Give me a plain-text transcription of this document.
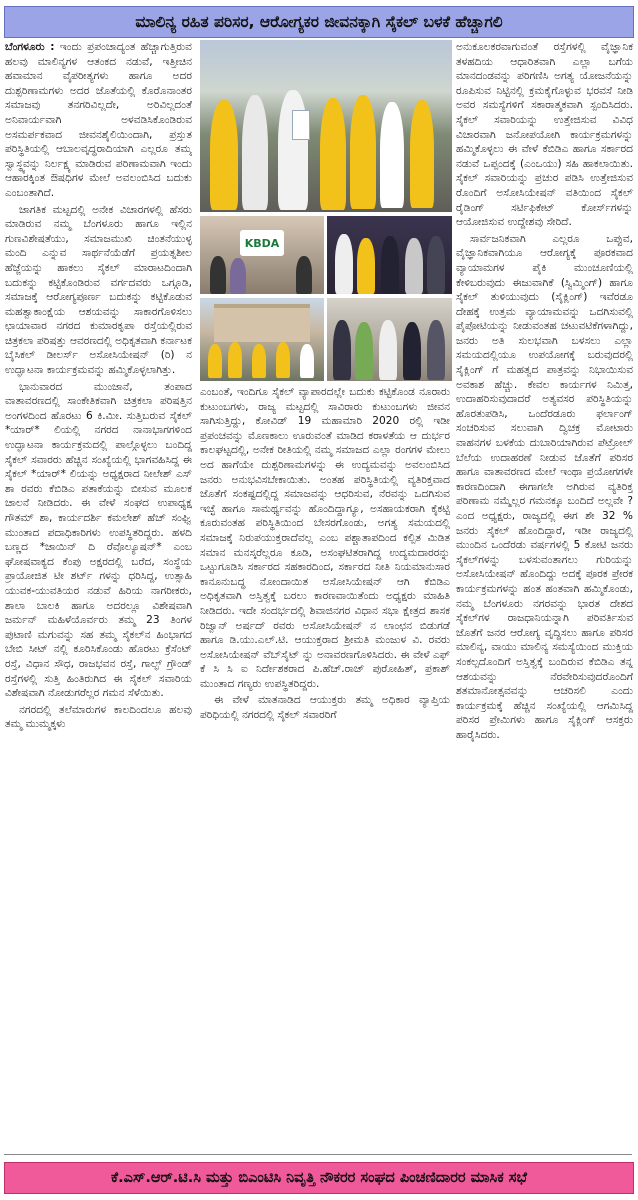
ಮಾಲಿನ್ಯ ರಹಿತ ಪರಿಸರ, ಆರೋಗ್ಯಕರ ಜೀವನಕ್ಕಾಗಿ ಸೈಕಲ್ ಬಳಕೆ ಹೆಚ್ಚಾಗಲಿ

ಬೆಂಗಳೂರು : ಇಂದು ಪ್ರಪಂಚಾದ್ಯಂತ ಹೆಚ್ಚಾಗುತ್ತಿರುವ ಹಲವು ಮಾಲಿನ್ಯಗಳ ಆತಂಕದ ನಡುವೆ, ಇತ್ತೀಚಿನ ಹವಾಮಾನ ವೈಪರೀತ್ಯಗಳು ಹಾಗೂ ಅದರ ದುಶ್ಪರಿಣಾಮಗಳು ಅದರ ಜೊತೆಯಲ್ಲಿ ಕೊರೊನಾಂತರ ಸಮಾಜವು ತನಗರಿವಿಲ್ಲದೇ, ಅರಿವಿಲ್ಲದಂತೆ ಅನಿವಾರ್ಯವಾಗಿ ಅಳವಡಿಸಿಕೊಂಡಿರುವ ಅಸಮರ್ಪಕವಾದ ಜೀವನಶೈಲಿಯಿಂದಾಗಿ, ಪ್ರಸ್ತುತ ಪರಿಸ್ಥಿತಿಯಲ್ಲಿ ಆಬಾಲವೃದ್ಧರಾದಿಯಾಗಿ ಎಲ್ಲರೂ ತಮ್ಮ ಸ್ವಾಸ್ಥ್ಯವನ್ನು ನಿರ್ಲಕ್ಷ್ಯ ಮಾಡಿರುವ ಪರಿಣಾಮವಾಗಿ ಇಂದು ಆಹಾರಕ್ಕಿಂತ ಔಷಧಿಗಳ ಮೇಲೆ ಅವಲಂಬಿಸಿದ ಬದುಕು ಎಂಬಂತಾಗಿದೆ.

ಜಾಗತಿಕ ಮಟ್ಟದಲ್ಲಿ ಅನೇಕ ವಿಚಾರಗಳಲ್ಲಿ ಹೆಸರು ಮಾಡಿರುವ ನಮ್ಮ ಬೆಂಗಳೂರು ಹಾಗೂ ಇಲ್ಲಿನ ಗುಣವಿಶೇಷತೆಯು, ಸಮಾಜಮುಖಿ ಚಿಂತನೆಯುಳ್ಳ ಮಂದಿ ಎನ್ನುವ ಸಾರ್ಥನೆಯೆಡೆಗೆ ಪ್ರಯತ್ನಶೀಲ ಹೆಜ್ಜೆಯನ್ನು ಹಾಕಲು ಸೈಕಲ್ ಮಾರಾಟದಿಂದಾಗಿ ಬದುಕನ್ನು ಕಟ್ಟಿಕೊಂಡಿರುವ ವರ್ಗದವರು ಒಗ್ಗೂಡಿ, ಸಮಾಜಕ್ಕೆ ಆರೋಗ್ಯಪೂರ್ಣ ಬದುಕನ್ನು ಕಟ್ಟಿಕೊಡುವ ಮಹತ್ವಾಕಾಂಕ್ಷೆಯ ಆಶಯವನ್ನು ಸಾಕಾರಗೊಳಿಸಲು ಛಾಯಾವಾರ ನಗರದ ಕುಮಾರಕೃಪಾ ರಸ್ತೆಯಲ್ಲಿರುವ ಚಿತ್ರಕಲಾ ಪರಿಷತ್ತು ಆವರಣದಲ್ಲಿ ಅಧಿಕೃತವಾಗಿ ಕರ್ನಾಟಕ ಬೈಸಿಕಲ್ ಡೀಲರ್ಸ್ ಅಸೋಸಿಯೇಷನ್ (ರಿ) ನ ಉದ್ಘಾಟನಾ ಕಾರ್ಯಕ್ರಮವನ್ನು ಹಮ್ಮಿಕೊಳ್ಳಲಾಗಿತ್ತು.

ಭಾನುವಾರದ ಮುಂಜಾನೆ, ತಂಪಾದ ವಾತಾವರಣದಲ್ಲಿ ಸಾಂಕೇತಿಕವಾಗಿ ಚಿತ್ರಕಲಾ ಪರಿಷತ್ತಿನ ಅಂಗಳದಿಂದ ಹೊರಟು 6 ಕಿ.ಮೀ. ಸುತ್ತಿಬರುವ ಸೈಕಲ್ *ಯಾರ್* ಲಿಯಲ್ಲಿ ನಗರದ ನಾನಾಭಾಗಗಳಿಂದ ಉದ್ಘಾಟನಾ ಕಾರ್ಯಕ್ರಮದಲ್ಲಿ ಪಾಲ್ಗೊಳ್ಳಲು ಬಂದಿದ್ದ ಸೈಕಲ್ ಸವಾರರು ಹೆಚ್ಚಿನ ಸಂಖ್ಯೆಯಲ್ಲಿ ಭಾಗವಹಿಸಿದ್ದ ಈ ಸೈಕಲ್ *ಯಾರ್* ಲಿಯನ್ನು ಅಧ್ಯಕ್ಷರಾದ ನೀಲೇಶ್ ಎಸ್ ಶಾ ರವರು ಕೆಬಿಡಿಎ ಪತಾಕೆಯನ್ನು ಬೀಸುವ ಮೂಲಕ ಚಾಲನೆ ನೀಡಿದರು. ಈ ವೇಳೆ ಸಂಘದ ಉಪಾಧ್ಯಕ್ಷ ಗೌತಮ್ ಶಾ, ಕಾರ್ಯದರ್ಶಿ ಕಮಲೇಶ್ ಹೆಚ್ ಸಂಘ್ವಿ ಮುಂತಾದ ಪದಾಧಿಕಾರಿಗಳು ಉಪಸ್ಥಿತರಿದ್ದರು. ಹಳದಿ ಬಣ್ಣದ *ಜಾಯಿನ್ ದಿ ರೆವೊಲ್ಯೂಷನ್* ಎಂಬ ಘೋಷವಾಕ್ಯದ ಕೆಂಪು ಅಕ್ಷರದಲ್ಲಿ ಬರೆದ, ಸಂಸ್ಥೆಯ ಪ್ರಾಯೋಜಿತ ಟೀ ಶರ್ಟ್ ಗಳನ್ನು ಧರಿಸಿದ್ದ, ಉತ್ಸಾಹಿ ಯುವಕ-ಯುವತಿಯರ ನಡುವೆ ಹಿರಿಯ ನಾಗರೀಕರು, ಶಾಲಾ ಬಾಲಕಿ ಹಾಗೂ ಅದರಲ್ಲೂ ವಿಶೇಷವಾಗಿ ಜರ್ಮನ್ ಮಹಿಳೆಯೊರ್ವರು ತಮ್ಮ 23 ತಿಂಗಳ ಪುಟಾಣಿ ಮಗುವನ್ನು ಸಹ ತಮ್ಮ ಸೈಕಲ್‌ನ ಹಿಂಭಾಗದ ಬೇಬಿ ಸೀಟ್ ನಲ್ಲಿ ಕೂರಿಸಿಕೊಂಡು ಹೊರಟು ಕ್ರೆಸೆಂಟ್ ರಸ್ತೆ, ವಿಧಾನ ಸೌಧ, ರಾಜಭವನ ರಸ್ತೆ, ಗಾಲ್ಫ್ ಗ್ರೌಂಡ್ ರಸ್ತೆಗಳಲ್ಲಿ ಸುತ್ತಿ ಹಿಂತಿರುಗಿದ ಈ ಸೈಕಲ್ ಸವಾರಿಯ ವಿಶೇಷವಾಗಿ ನೋಡುಗರೆಲ್ಲರ ಗಮನ ಸೆಳೆಯಿತು.

ನಗರದಲ್ಲಿ ತಲೆಮಾರುಗಳ ಕಾಲದಿಂದಲೂ ಹಲವು ತಮ್ಮ ಮುಮ್ಮಕ್ಕಳು

KBDA

ಎಂಬಂತೆ, ಇಂದಿಗೂ ಸೈಕಲ್ ವ್ಯಾಪಾರದಲ್ಲೇ ಬದುಕು ಕಟ್ಟಿಕೊಂಡ ನೂರಾರು ಕುಟುಂಬಗಳು, ರಾಜ್ಯ ಮಟ್ಟದಲ್ಲಿ ಸಾವಿರಾರು ಕುಟುಂಬಗಳು ಜೀವನ ಸಾಗಿಸುತ್ತಿದ್ದು, ಕೋವಿಡ್ 19 ಮಹಾಮಾರಿ 2020 ರಲ್ಲಿ ಇಡೀ ಪ್ರಪಂಚವನ್ನು ಮೊಣಕಾಲು ಊರುವಂತೆ ಮಾಡಿದ ಕರಾಳತೆಯ ಆ ದುರ್ಭರ ಕಾಲಘಟ್ಟದಲ್ಲಿ, ಅನೇಕ ರೀತಿಯಲ್ಲಿ ನಮ್ಮ ಸಮಾಜದ ಎಲ್ಲಾ ರಂಗಗಳ ಮೇಲು ಅದ ಹಾಗೆಯೇ ದುಶ್ಪರಿಣಾಮಗಳನ್ನು ಈ ಉದ್ಯಮವನ್ನು ಅವಲಂಬಿಸಿದ ಜನರು ಅನುಭವಿಸಬೇಕಾಯಿತು. ಅಂತಹ ಪರಿಸ್ಥಿತಿಯಲ್ಲಿ ವ್ಯತಿರಿಕ್ತವಾದ ಜೊತೆಗೆ ಸಂಕಷ್ಟದಲ್ಲಿದ್ದ ಸಮಾಜವನ್ನು ಆಧರಿಸುವ, ನೆರವನ್ನು ಒದಗಿಸುವ ಇಚ್ಛೆ ಹಾಗೂ ಸಾಮರ್ಥ್ಯವನ್ನು ಹೊಂದಿದ್ದಾಗ್ಯೂ, ಅಸಹಾಯಕರಾಗಿ ಕೈಕಟ್ಟಿ ಕೂರುವಂತಹ ಪರಿಸ್ಥಿತಿಯಿಂದ ಬೇಸರಗೊಂಡು, ಅಗತ್ಯ ಸಮಯದಲ್ಲಿ ಸಮಾಜಕ್ಕೆ ನಿರುಪಯುಕ್ತರಾದೆವಲ್ಲ ಎಂಬ ಪಶ್ಚಾತಾಪದಿಂದ ಕಲ್ಪಿತ ಮಿಡಿತ ಸಮಾನ ಮನಸ್ಕರೆಲ್ಲರೂ ಕೂಡಿ, ಅಸಂಘಟಿತರಾಗಿದ್ದ ಉದ್ಯಮದಾರರನ್ನು ಒಟ್ಟುಗೂಡಿಸಿ ಸರ್ಕಾರದ ಸಹಕಾರದಿಂದ, ಸರ್ಕಾರದ ನೀತಿ ನಿಯಮಾನುಸಾರ ಕಾನೂನುಬದ್ಧ ನೋಂದಾಯಿತ ಅಸೋಸಿಯೇಷನ್ ಆಗಿ ಕೆಬಿಡಿಎ ಅಧಿಕೃತವಾಗಿ ಅಸ್ತಿತ್ವಕ್ಕೆ ಬರಲು ಕಾರಣವಾಯಿತೆಂದು ಅಧ್ಯಕ್ಷರು ಮಾಹಿತಿ ನೀಡಿದರು. ಇದೇ ಸಂದರ್ಭದಲ್ಲಿ ಶಿವಾಜಿನಗರ ವಿಧಾನ ಸಭಾ ಕ್ಷೇತ್ರದ ಶಾಸಕ ರಿಜ್ವಾನ್ ಅರ್ಷದ್ ರವರು ಅಸೋಸಿಯೇಷನ್ ನ ಲಾಂಛನ ಬಿಡುಗಡೆ ಹಾಗೂ ಡಿ.ಯು.ಎಲ್.ಟಿ. ಆಯುಕ್ತರಾದ ಶ್ರೀಮತಿ ಮಂಜುಳ ವಿ. ರವರು ಅಸೋಸಿಯೇಷನ್ ವೆಬ್‌ಸೈಟ್ ನ್ನು ಅನಾವರಣಗೊಳಿಸಿದರು. ಈ ವೇಳೆ ಎಫ್ ಕೆ ಸಿ ಸಿ ಐ ನಿರ್ದೇಶಕರಾದ ಪಿ.ಹೆಚ್.ರಾಜ್ ಪುರೋಹಿತ್, ಪ್ರಕಾಶ್ ಮುಂತಾದ ಗಣ್ಯರು ಉಪಸ್ಥಿತರಿದ್ದರು.

ಈ ವೇಳೆ ಮಾತನಾಡಿದ ಆಯುಕ್ತರು ತಮ್ಮ ಅಧಿಕಾರ ವ್ಯಾಪ್ತಿಯ ಪರಿಧಿಯಲ್ಲಿ ನಗರದಲ್ಲಿ ಸೈಕಲ್ ಸವಾರರಿಗೆ

ಅನುಕೂಲಕರವಾಗುವಂತೆ ರಸ್ತೆಗಳಲ್ಲಿ ವೈಜ್ಞಾನಿಕ ತಳಹದಿಯ ಆಧಾರಿತವಾಗಿ ಎಲ್ಲಾ ಬಗೆಯ ಮಾನದಂಡವನ್ನು ಪರಿಗಣಿಸಿ ಅಗತ್ಯ ಯೋಜನೆಯನ್ನು ರೂಪಿಸುವ ನಿಟ್ಟಿನಲ್ಲಿ ಕ್ರಮಕೈಗೊಳ್ಳುವ ಭರವಸೆ ನೀಡಿ ಅವರ ಸಮಸ್ಯೆಗಳಿಗೆ ಸಕಾರಾತ್ಮಕವಾಗಿ ಸ್ಪಂದಿಸಿದರು. ಸೈಕಲ್ ಸವಾರಿಯನ್ನು ಉತ್ತೇಜಿಸುವ ವಿವಿಧ ವಿಚಾರವಾಗಿ ಜನೋಪಯೋಗಿ ಕಾರ್ಯಕ್ರಮಗಳನ್ನು ಹಮ್ಮಿಕೊಳ್ಳಲು ಈ ವೇಳೆ ಕೆಬಿಡಿಎ ಹಾಗೂ ಸರ್ಕಾರದ ನಡುವೆ ಒಪ್ಪಂದಕ್ಕೆ (ಎಂಒಯು) ಸಹಿ ಹಾಕಲಾಯಿತು. ಸೈಕಲ್ ಸವಾರಿಯನ್ನು ಪ್ರಚುರ ಪಡಿಸಿ ಉತ್ತೇಜಿಸುವ ರೊಂದಿಗೆ ಅಸೋಸಿಯೇಷನ್ ವತಿಯಿಂದ ಸೈಕಲ್ ರೈಡಿಂಗ್ ಸರ್ಟಿಫಿಕೇಟ್ ಕೋರ್ಸ್‌ಗಳನ್ನು ಆಯೋಜಿಸುವ ಉದ್ದೇಶವು ಸೇರಿದೆ.

ಸಾರ್ವಜನಿಕವಾಗಿ ಎಲ್ಲರೂ ಒಪ್ಪುವ, ವೈಜ್ಞಾನಿಕವಾಗಿಯೂ ಆರೋಗ್ಯಕ್ಕೆ ಪೂರಕವಾದ ವ್ಯಾಯಾಮಗಳ ಪೈಕಿ ಮುಂಚೂಣಿಯಲ್ಲಿ ಕೇಳಿಬರುವುದು ಈಜುವಾಗಿಕೆ (ಸ್ವಿಮ್ಮಿಂಗ್) ಹಾಗೂ ಸೈಕಲ್ ತುಳಿಯುವುದು (ಸೈಕ್ಲಿಂಗ್) ಇವೆರಡೂ ದೇಹಕ್ಕೆ ಉತ್ತಮ ವ್ಯಾಯಾಮವನ್ನು ಒದಗಿಸುವಲ್ಲಿ ಪೈಪೋಟಿಯನ್ನು ನೀಡುವಂತಹ ಚಟುವಟಿಕೆಗಳಾಗಿದ್ದು, ಜನರು ಅತಿ ಸುಲಭವಾಗಿ ಬಳಸಲು ಎಲ್ಲಾ ಸಮಯದಲ್ಲಿಯೂ ಉಪಯೋಗಕ್ಕೆ ಬರುವುದರಲ್ಲಿ ಸೈಕ್ಲಿಂಗ್ ಗೆ ಮಹತ್ವದ ಪಾತ್ರವನ್ನು ನಿಭಾಯಿಸುವ ಅವಕಾಶ ಹೆಚ್ಚು. ಕೇವಲ ಕಾರ್ಯಗಳ ನಿಮಿತ್ತ, ಉದಾಹರಿಸುವುದಾದರೆ ಅತ್ಯವಸರ ಪರಿಸ್ಥಿತಿಯನ್ನು ಹೊರತುಪಡಿಸಿ, ಒಂದೆರಡೂರು ಫರ್ಲಾಂಗ್ ಸಂಚರಿಸುವ ಸಲುವಾಗಿ ದ್ವಿಚಕ್ರ ಮೋಟಾರು ವಾಹನಗಳ ಬಳಕೆಯ ದುಬಾರಿಯಾಗಿರುವ ಪೆಟ್ರೋಲ್ ಬೆಲೆಯ ಉದಾಹರಣೆ ನೀಡುವ ಜೊತೆಗೆ ಪರಿಸರ ಹಾಗೂ ವಾತಾವರಣದ ಮೇಲೆ ಇಂಥಾ ಪ್ರಯೋಗಗಳೇ ಕಾರಣದಿಂದಾಗಿ ಈಗಾಗಲೇ ಅಗಿರುವ ವ್ಯತಿರಿಕ್ತ ಪರಿಣಾಮ ನಮ್ಮೆಲ್ಲರ ಗಮನಕ್ಕೂ ಬಂದಿದೆ ಅಲ್ಲವೇ ? ಎಂದ ಅಧ್ಯಕ್ಷರು, ರಾಜ್ಯದಲ್ಲಿ ಈಗ ಶೇ 32 % ಜನರು ಸೈಕಲ್ ಹೊಂದಿದ್ದಾರೆ, ಇಡೀ ರಾಜ್ಯದಲ್ಲಿ ಮುಂದಿನ ಒಂದೆರಡು ವರ್ಷಗಳಲ್ಲಿ 5 ಕೋಟಿ ಜನರು ಸೈಕಲ್‌ಗಳನ್ನು ಬಳಸುವಂತಾಗಲು ಗುರಿಯನ್ನು ಅಸೋಸಿಯೇಷನ್ ಹೊಂದಿದ್ದು ಅದಕ್ಕೆ ಪೂರಕ ಪ್ರೇರಕ ಕಾರ್ಯಕ್ರಮಗಳನ್ನು ಹಂತ ಹಂತವಾಗಿ ಹಮ್ಮಿಕೊಂಡು, ನಮ್ಮ ಬೆಂಗಳೂರು ನಗರವನ್ನು ಭಾರತ ದೇಶದ ಸೈಕಲ್‌ಗಳ ರಾಜಧಾನಿಯನ್ನಾಗಿ ಪರಿವರ್ತಿಸುವ ಜೊತೆಗೆ ಜನರ ಆರೋಗ್ಯ ವೃದ್ಧಿಸಲು ಹಾಗೂ ಪರಿಸರ ಮಾಲಿನ್ಯ, ವಾಯು ಮಾಲಿನ್ಯ ಸಮಸ್ಯೆಯಿಂದ ಮುಕ್ತಿಯ ಸಂಕಲ್ಪದೊಂದಿಗೆ ಅಸ್ತಿತ್ವಕ್ಕೆ ಬಂದಿರುವ ಕೆಬಿಡಿಎ ತನ್ನ ಆಶಯವನ್ನು ನೆರವೇರಿಸುವುದರೊಂದಿಗೆ ಶತಮಾನೋತ್ಸವವನ್ನು ಆಚರಿಸಲಿ ಎಂದು ಕಾರ್ಯಕ್ರಮಕ್ಕೆ ಹೆಚ್ಚಿನ ಸಂಖ್ಯೆಯಲ್ಲಿ ಆಗಮಿಸಿದ್ದ ಪರಿಸರ ಪ್ರೇಮಿಗಳು ಹಾಗೂ ಸೈಕ್ಲಿಂಗ್ ಆಸಕ್ತರು ಹಾರೈಸಿದರು.

ಕೆ.ಎಸ್.ಆರ್.ಟಿ.ಸಿ ಮತ್ತು ಬಿಎಂಟಿಸಿ ನಿವೃತ್ತಿ ನೌಕರರ ಸಂಘದ ಪಿಂಚಣಿದಾರರ ಮಾಸಿಕ ಸಭೆ
